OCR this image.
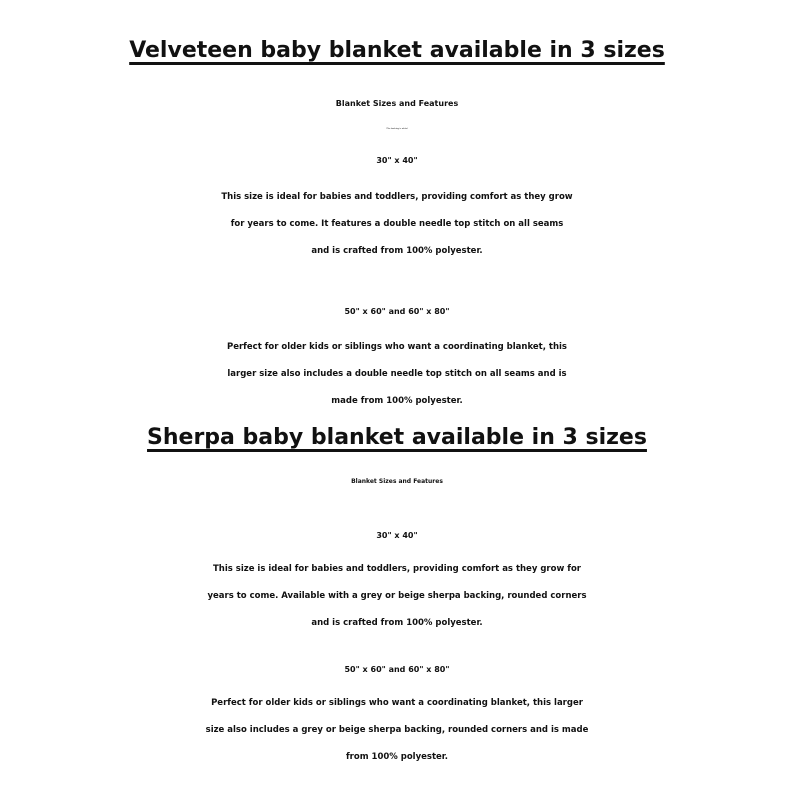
Velveteen baby blanket available in 3 sizes
Blanket Sizes and Features
(The backing is white)
30" x 40"
This size is ideal for babies and toddlers, providing comfort as they grow
for years to come. It features a double needle top stitch on all seams
and is crafted from 100% polyester.
50" x 60" and 60" x 80"
Perfect for older kids or siblings who want a coordinating blanket, this
larger size also includes a double needle top stitch on all seams and is
made from 100% polyester.
Sherpa baby blanket available in 3 sizes
Blanket Sizes and Features
30" x 40"
This size is ideal for babies and toddlers, providing comfort as they grow for
years to come. Available with a grey or beige sherpa backing, rounded corners
and is crafted from 100% polyester.
50" x 60" and 60" x 80"
Perfect for older kids or siblings who want a coordinating blanket, this larger
size also includes a grey or beige sherpa backing, rounded corners and is made
from 100% polyester.
